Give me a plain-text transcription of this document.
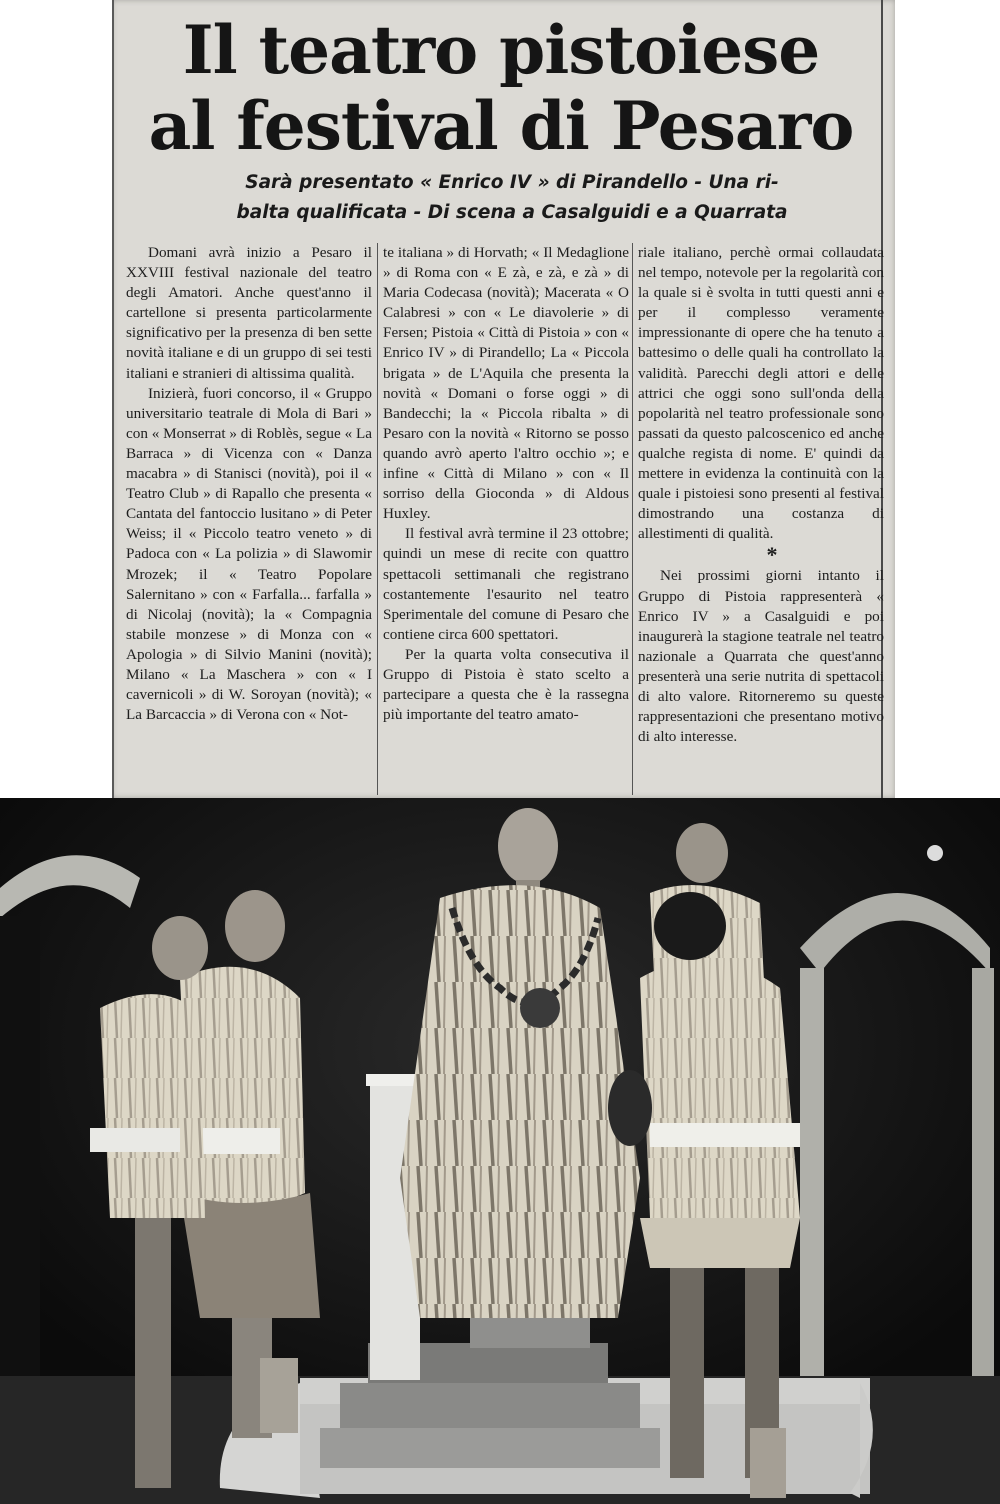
Il teatro pistoiese
al festival di Pesaro

Sarà presentato « Enrico IV » di Pirandello - Una ri-
balta qualificata - Di scena a Casalguidi e a Quarrata

Domani avrà inizio a Pesaro il XXVIII festival nazionale del teatro degli Amatori. Anche quest'anno il cartellone si presenta particolarmente significativo per la presenza di ben sette novità italiane e di un gruppo di sei testi italiani e stranieri di altissima qualità.

Inizierà, fuori concorso, il « Gruppo universitario teatrale di Mola di Bari » con « Monserrat » di Roblès, segue « La Barraca » di Vicenza con « Danza macabra » di Stanisci (novità), poi il « Teatro Club » di Rapallo che presenta « Cantata del fantoccio lusitano » di Peter Weiss; il « Piccolo teatro veneto » di Padoca con « La polizia » di Slawomir Mrozek; il « Teatro Popolare Salernitano » con « Farfalla... farfalla » di Nicolaj (novità); la « Compagnia stabile monzese » di Monza con « Apologia » di Silvio Manini (novità); Milano « La Maschera » con « I cavernicoli » di W. Soroyan (novità); « La Barcaccia » di Verona con « Not-

te italiana » di Horvath; « Il Medaglione » di Roma con « E zà, e zà, e zà » di Maria Codecasa (novità); Macerata « O Calabresi » con « Le diavolerie » di Fersen; Pistoia « Città di Pistoia » con « Enrico IV » di Pirandello; La « Piccola brigata » de L'Aquila che presenta la novità « Domani o forse oggi » di Bandecchi; la « Piccola ribalta » di Pesaro con la novità « Ritorno se posso quando avrò aperto l'altro occhio »; e infine « Città di Milano » con « Il sorriso della Gioconda » di Aldous Huxley.

Il festival avrà termine il 23 ottobre; quindi un mese di recite con quattro spettacoli settimanali che registrano costantemente l'esaurito nel teatro Sperimentale del comune di Pesaro che contiene circa 600 spettatori.

Per la quarta volta consecutiva il Gruppo di Pistoia è stato scelto a partecipare a questa che è la rassegna più importante del teatro amato-

riale italiano, perchè ormai collaudata nel tempo, notevole per la regolarità con la quale si è svolta in tutti questi anni e per il complesso veramente impressionante di opere che ha tenuto a battesimo o delle quali ha controllato la validità. Parecchi degli attori e delle attrici che oggi sono sull'onda della popolarità nel teatro professionale sono passati da questo palcoscenico ed anche qualche regista di nome. E' quindi da mettere in evidenza la continuità con la quale i pistoiesi sono presenti al festival dimostrando una costanza di allestimenti di qualità.

*

Nei prossimi giorni intanto il Gruppo di Pistoia rappresenterà « Enrico IV » a Casalguidi e poi inaugurerà la stagione teatrale nel teatro nazionale a Quarrata che quest'anno presenterà una serie nutrita di spettacoli di alto valore. Ritorneremo su queste rappresentazioni che presentano motivo di alto interesse.
